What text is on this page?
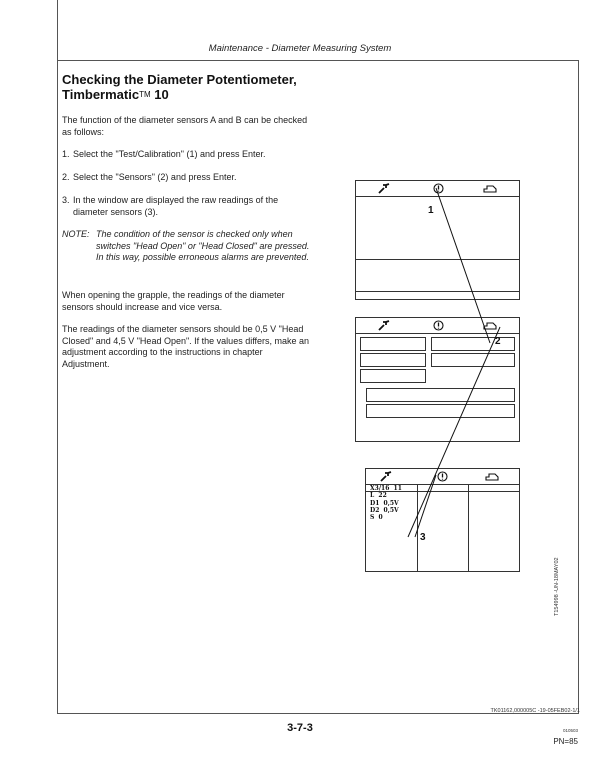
Maintenance - Diameter Measuring System
Checking the Diameter Potentiometer,
Timbermatic™ 10
The function of the diameter sensors A and B can be checked as follows:
1. Select the "Test/Calibration" (1) and press Enter.
2. Select the "Sensors" (2) and press Enter.
3. In the window are displayed the raw readings of the diameter sensors (3).
NOTE: The condition of the sensor is checked only when switches "Head Open" or "Head Closed" are pressed. In this way, possible erroneous alarms are prevented.
When opening the grapple, the readings of the diameter sensors should increase and vice versa.
The readings of the diameter sensors should be 0,5 V "Head Closed" and 4,5 V "Head Open". If the values differs, make an adjustment according to the instructions in chapter Adjustment.
1
2
X3/16  11
L  22
D1  0,5V
D2  0,5V
S  0
3
T154998 -UN-18MAY02
TK01162,000005C -19-05FEB02-1/1
3-7-3	010503
PN=85
